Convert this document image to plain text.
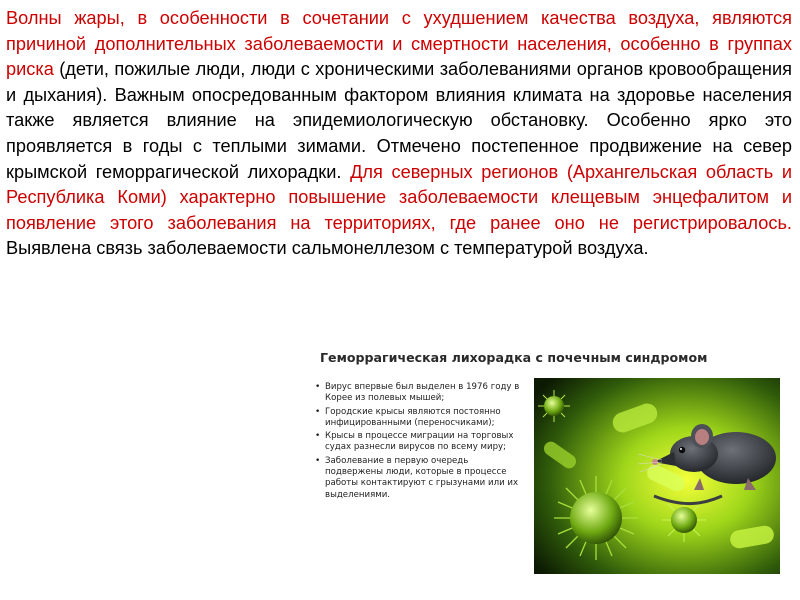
Волны жары, в особенности в сочетании с ухудшением качества воздуха, являются причиной дополнительных заболеваемости и смертности населения, особенно в группах риска (дети, пожилые люди, люди с хроническими заболеваниями органов кровообращения и дыхания). Важным опосредованным фактором влияния климата на здоровье населения также является влияние на эпидемиологическую обстановку. Особенно ярко это проявляется в годы с теплыми зимами. Отмечено постепенное продвижение на север крымской геморрагической лихорадки. Для северных регионов (Архангельская область и Республика Коми) характерно повышение заболеваемости клещевым энцефалитом и появление этого заболевания на территориях, где ранее оно не регистрировалось. Выявлена связь заболеваемости сальмонеллезом с температурой воздуха.
Геморрагическая лихорадка с почечным синдромом
• Вирус впервые был выделен в 1976 году в Корее из полевых мышей;
• Городские крысы являются постоянно инфицированными (переносчиками);
• Крысы в процессе миграции на торговых судах разнесли вирусов по всему миру;
• Заболевание в первую очередь подвержены люди, которые в процессе работы контактируют с грызунами или их выделениями.
